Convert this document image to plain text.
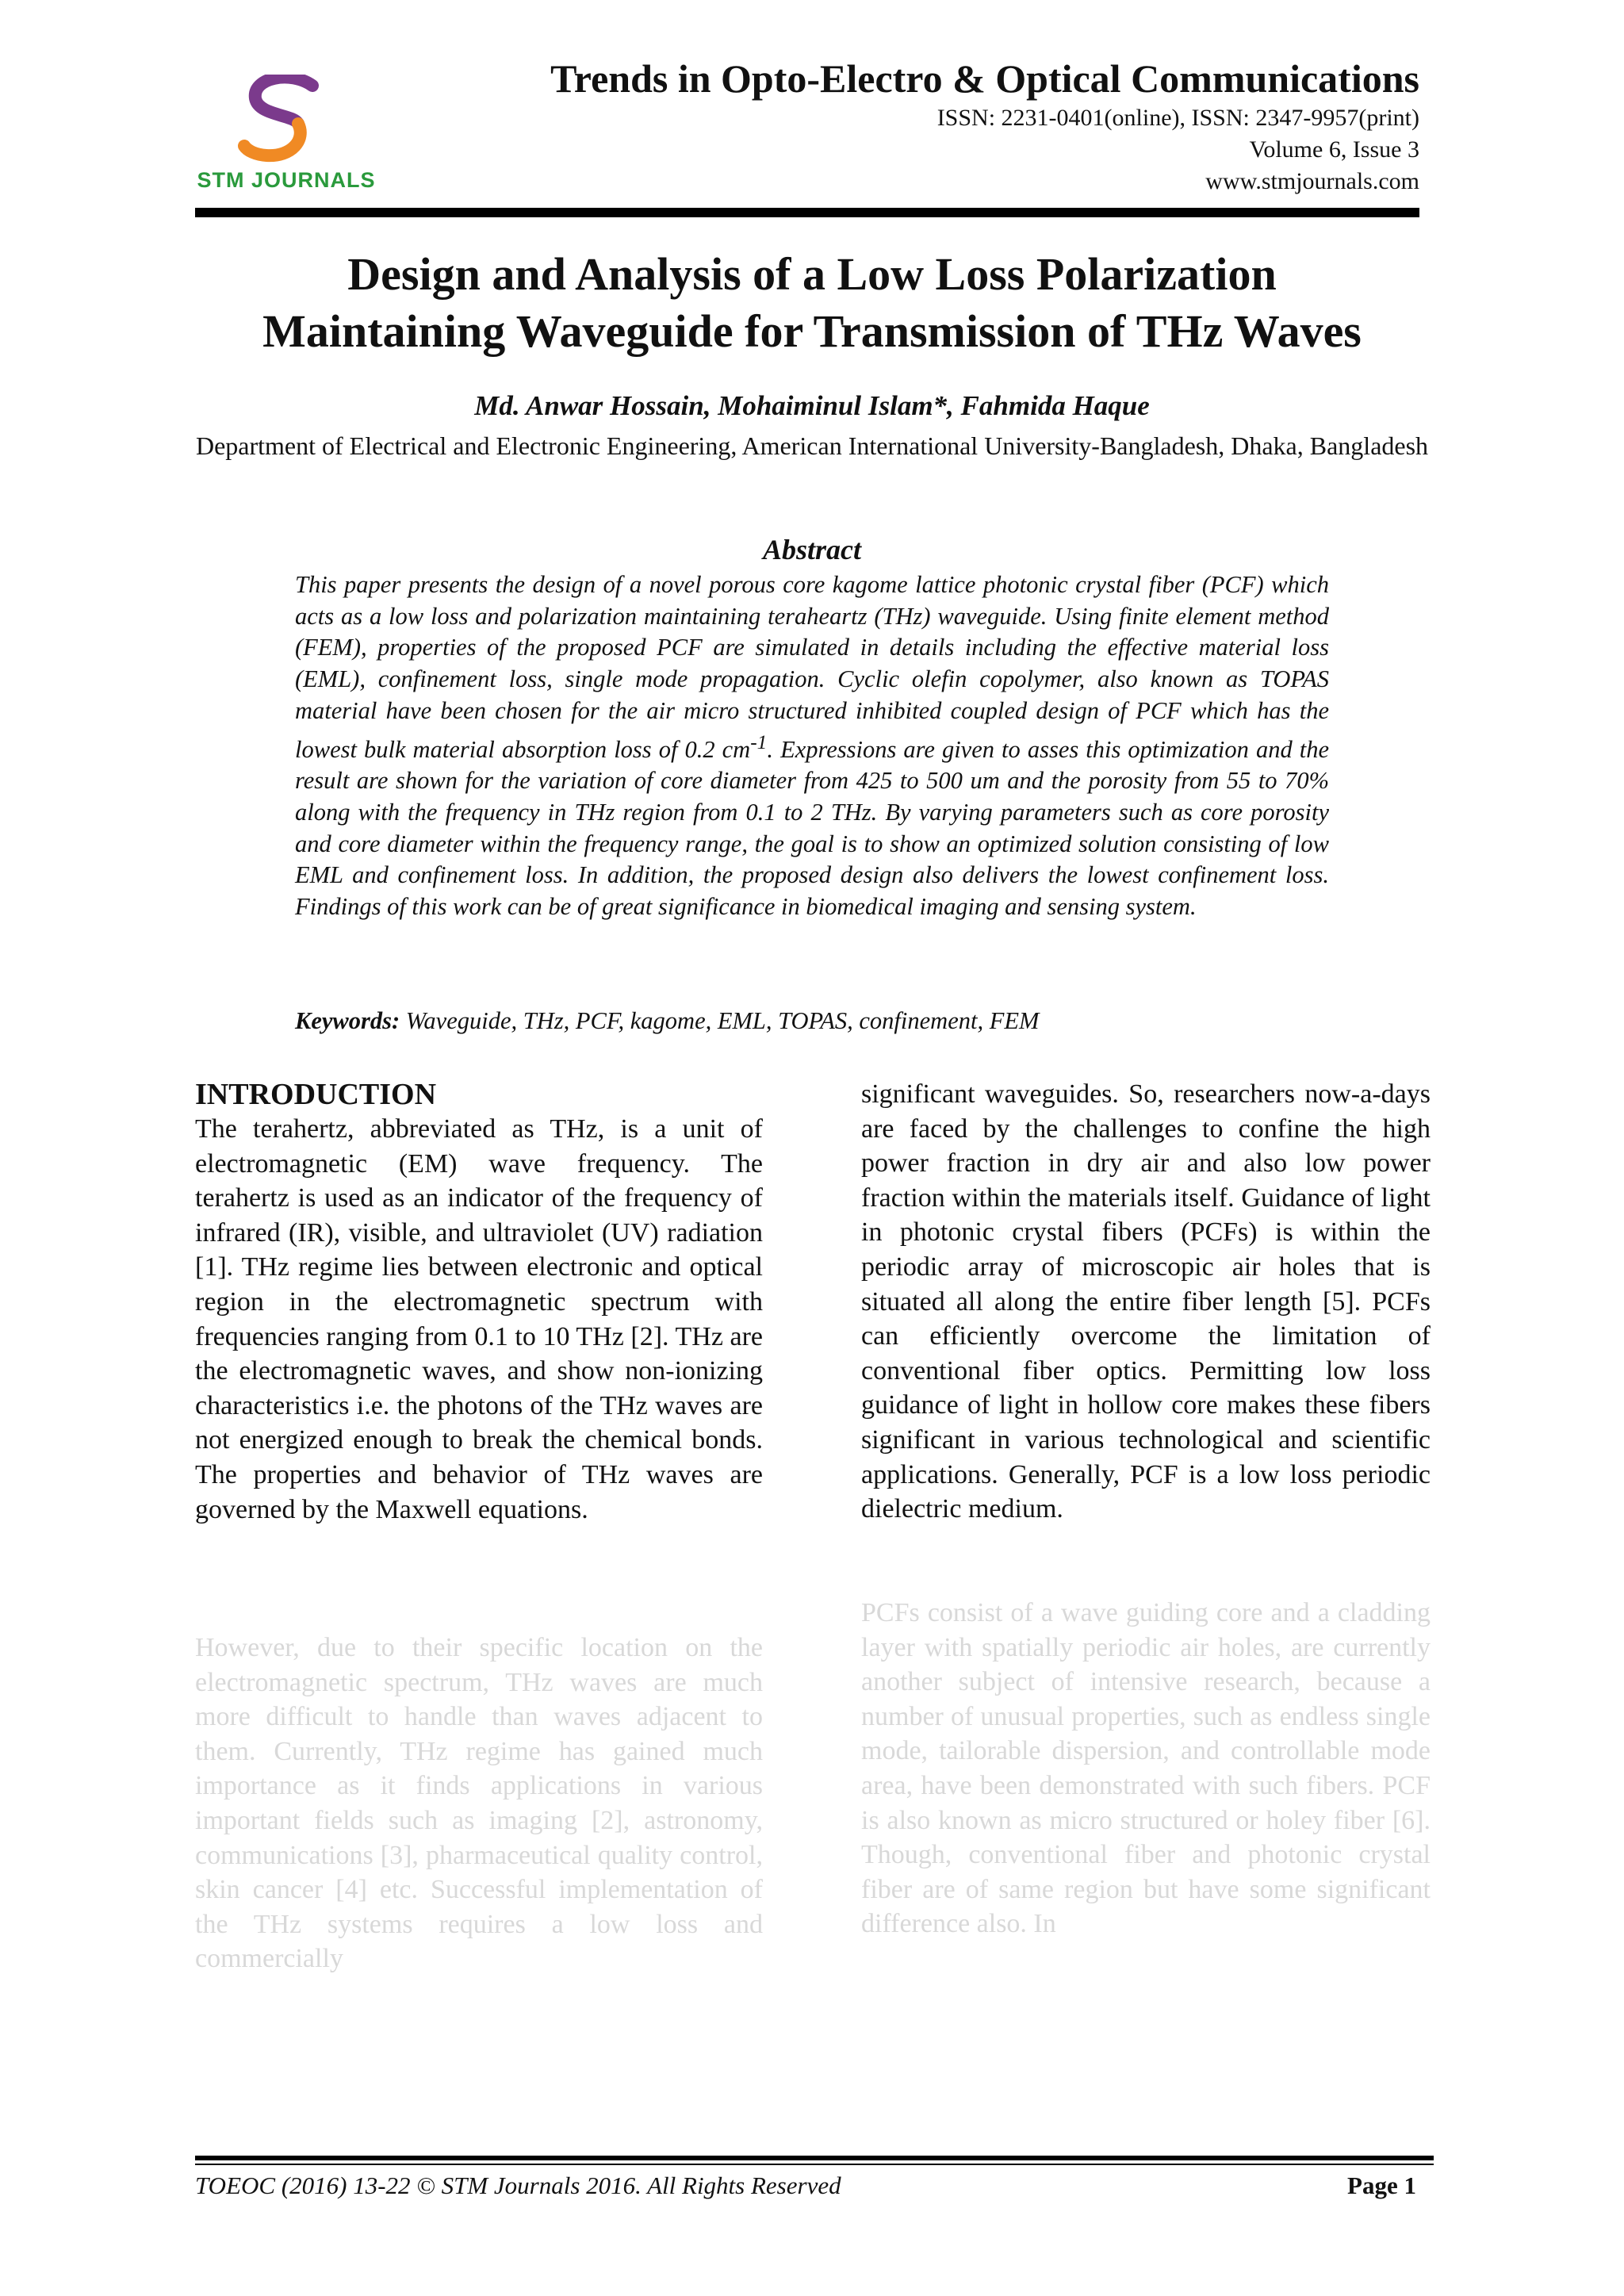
STM JOURNALS
Trends in Opto-Electro & Optical Communications
ISSN: 2231-0401(online), ISSN: 2347-9957(print)
Volume 6, Issue 3
www.stmjournals.com
Design and Analysis of a Low Loss Polarization
Maintaining Waveguide for Transmission of THz Waves
Md. Anwar Hossain, Mohaiminul Islam*, Fahmida Haque
Department of Electrical and Electronic Engineering, American International University-Bangladesh, Dhaka, Bangladesh
Abstract
This paper presents the design of a novel porous core kagome lattice photonic crystal fiber (PCF) which acts as a low loss and polarization maintaining teraheartz (THz) waveguide. Using finite element method (FEM), properties of the proposed PCF are simulated in details including the effective material loss (EML), confinement loss, single mode propagation. Cyclic olefin copolymer, also known as TOPAS material have been chosen for the air micro structured inhibited coupled design of PCF which has the lowest bulk material absorption loss of 0.2 $cm^{-1}$. Expressions are given to asses this optimization and the result are shown for the variation of core diameter from 425 to 500 um and the porosity from 55 to 70% along with the frequency in THz region from 0.1 to 2 THz. By varying parameters such as core porosity and core diameter within the frequency range, the goal is to show an optimized solution consisting of low EML and confinement loss. In addition, the proposed design also delivers the lowest confinement loss. Findings of this work can be of great significance in biomedical imaging and sensing system.
Keywords: Waveguide, THz, PCF, kagome, EML, TOPAS, confinement, FEM
INTRODUCTION
The terahertz, abbreviated as THz, is a unit of electromagnetic (EM) wave frequency. The terahertz is used as an indicator of the frequency of infrared (IR), visible, and ultraviolet (UV) radiation [1]. THz regime lies between electronic and optical region in the electromagnetic spectrum with frequencies ranging from 0.1 to 10 THz [2]. THz are the electromagnetic waves, and show non-ionizing characteristics i.e. the photons of the THz waves are not energized enough to break the chemical bonds. The properties and behavior of THz waves are governed by the Maxwell equations.
However, due to their specific location on the electromagnetic spectrum, THz waves are much more difficult to handle than waves adjacent to them. Currently, THz regime has gained much importance as it finds applications in various important fields such as imaging [2], astronomy, communications [3], pharmaceutical quality control, skin cancer [4] etc. Successful implementation of the THz systems requires a low loss and commercially
significant waveguides. So, researchers now-a-days are faced by the challenges to confine the high power fraction in dry air and also low power fraction within the materials itself. Guidance of light in photonic crystal fibers (PCFs) is within the periodic array of microscopic air holes that is situated all along the entire fiber length [5]. PCFs can efficiently overcome the limitation of conventional fiber optics. Permitting low loss guidance of light in hollow core makes these fibers significant in various technological and scientific applications. Generally, PCF is a low loss periodic dielectric medium.
PCFs consist of a wave guiding core and a cladding layer with spatially periodic air holes, are currently another subject of intensive research, because a number of unusual properties, such as endless single mode, tailorable dispersion, and controllable mode area, have been demonstrated with such fibers. PCF is also known as micro structured or holey fiber [6]. Though, conventional fiber and photonic crystal fiber are of same region but have some significant difference also. In
TOEOC (2016) 13-22 © STM Journals 2016. All Rights Reserved	Page 1
